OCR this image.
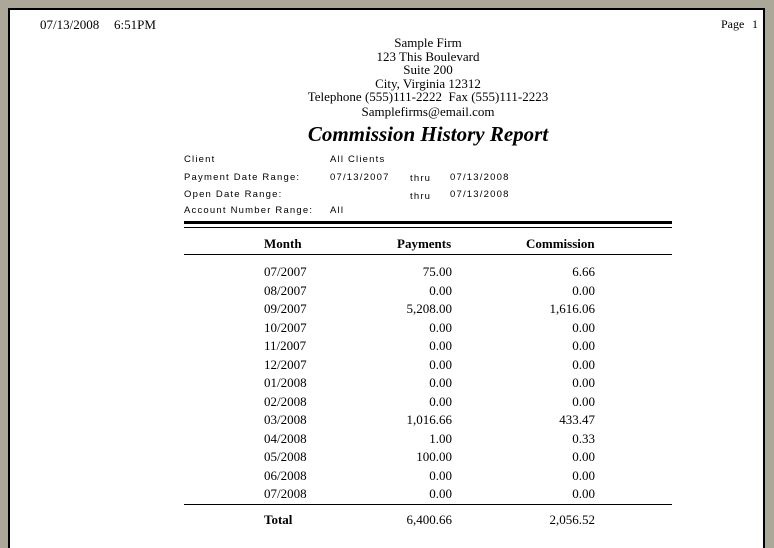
07/13/2008 6:51PM	Page 1
Sample Firm
123 This Boulevard
Suite 200
City, Virginia 12312
Telephone (555)111-2222  Fax (555)111-2223
Samplefirms@email.com
Commission History Report
Client	All Clients
Payment Date Range:	07/13/2007 thru 07/13/2008
Open Date Range:	thru 07/13/2008
Account Number Range: All
Month	Payments	Commission
07/2007	75.00	6.66
08/2007	0.00	0.00
09/2007	5,208.00	1,616.06
10/2007	0.00	0.00
11/2007	0.00	0.00
12/2007	0.00	0.00
01/2008	0.00	0.00
02/2008	0.00	0.00
03/2008	1,016.66	433.47
04/2008	1.00	0.33
05/2008	100.00	0.00
06/2008	0.00	0.00
07/2008	0.00	0.00
Total	6,400.66	2,056.52
